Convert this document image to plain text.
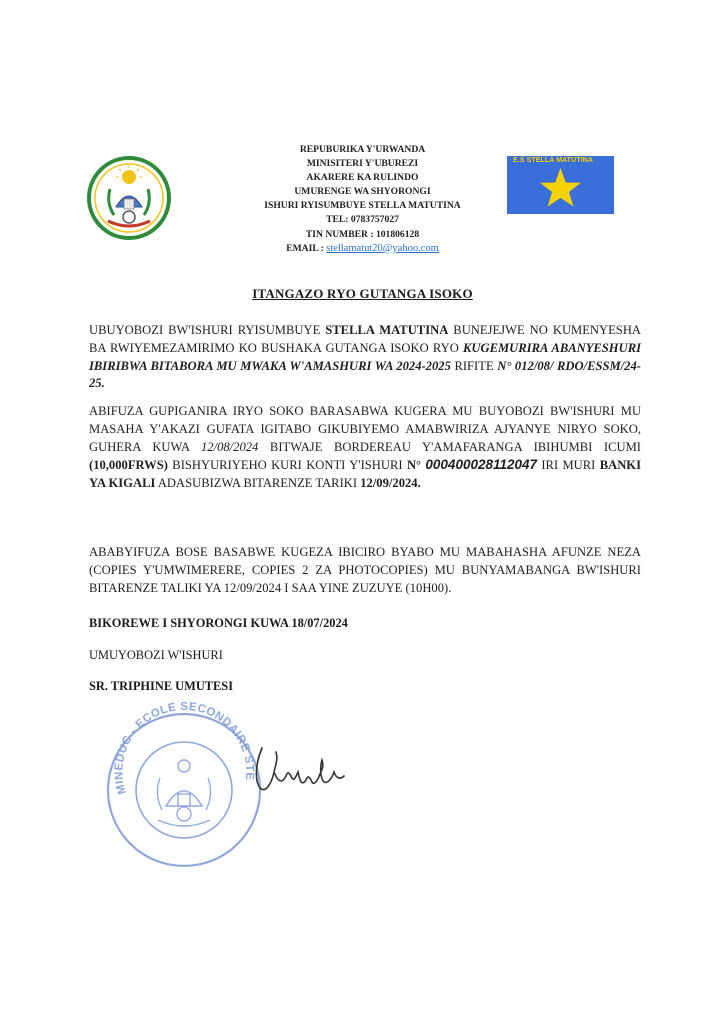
REPUBURIKA Y'URWANDA
MINISITERI Y'UBUREZI
AKARERE KA RULINDO
UMURENGE WA SHYORONGI
ISHURI RYISUMBUYE STELLA MATUTINA
TEL: 0783757027
TIN NUMBER : 101806128
EMAIL : stellamatut20@yahoo.com
E.S STELLA MATUTINA
ITANGAZO RYO GUTANGA ISOKO
UBUYOBOZI BW'ISHURI RYISUMBUYE STELLA MATUTINA BUNEJEJWE NO KUMENYESHA BA RWIYEMEZAMIRIMO KO BUSHAKA GUTANGA ISOKO RYO KUGEMURIRA ABANYESHURI IBIRIBWA BITABORA MU MWAKA W'AMASHURI WA 2024-2025 RIFITE N° 012/08/ RDO/ESSM/24-25.
ABIFUZA GUPIGANIRA IRYO SOKO BARASABWA KUGERA MU BUYOBOZI BW'ISHURI MU MASAHA Y'AKAZI GUFATA IGITABO GIKUBIYEMO AMABWIRIZA AJYANYE NIRYO SOKO, GUHERA KUWA 12/08/2024 BITWAJE BORDEREAU Y'AMAFARANGA IBIHUMBI ICUMI (10,000FRWS) BISHYURIYEHO KURI KONTI Y'ISHURI N° 000400028112047 IRI MURI BANKI YA KIGALI ADASUBIZWA BITARENZE TARIKI 12/09/2024.
ABABYIFUZA BOSE BASABWE KUGEZA IBICIRO BYABO MU MABAHASHA AFUNZE NEZA (COPIES Y'UMWIMERERE, COPIES 2 ZA PHOTOCOPIES) MU BUNYAMABANGA BW'ISHURI BITARENZE TALIKI YA 12/09/2024 I SAA YINE ZUZUYE (10H00).
BIKOREWE I SHYORONGI KUWA 18/07/2024
UMUYOBOZI W'ISHURI
SR. TRIPHINE UMUTESI
MINEDUC - ECOLE SECONDAIRE STE
